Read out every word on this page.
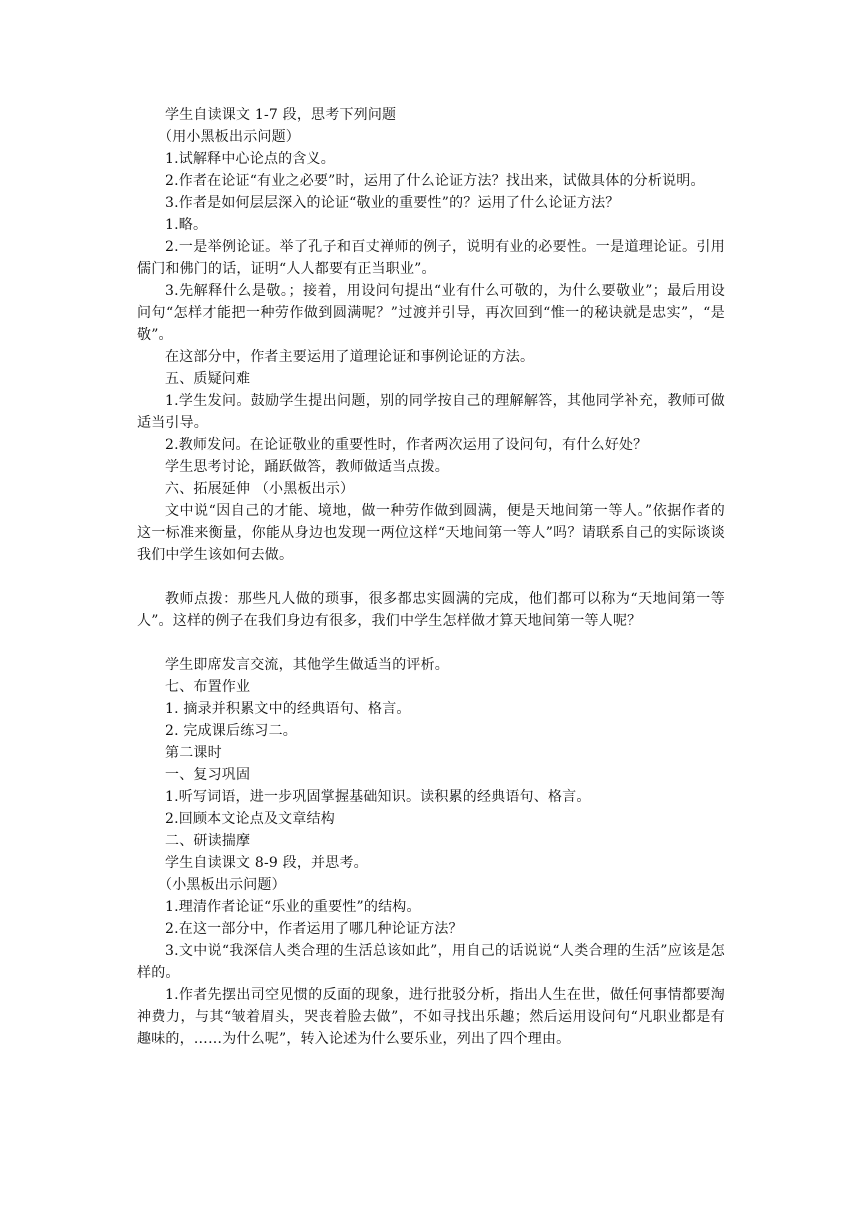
学生自读课文 1-7 段，思考下列问题

（用小黑板出示问题）

1.试解释中心论点的含义。

2.作者在论证“有业之必要”时，运用了什么论证方法？找出来，试做具体的分析说明。

3.作者是如何层层深入的论证“敬业的重要性”的？运用了什么论证方法？

1.略。

2.一是举例论证。举了孔子和百丈禅师的例子，说明有业的必要性。一是道理论证。引用儒门和佛门的话，证明“人人都要有正当职业”。

3.先解释什么是敬。；接着，用设问句提出“业有什么可敬的，为什么要敬业”；最后用设问句“怎样才能把一种劳作做到圆满呢？”过渡并引导，再次回到“惟一的秘诀就是忠实”，“是敬”。

在这部分中，作者主要运用了道理论证和事例论证的方法。

五、质疑问难

1.学生发问。鼓励学生提出问题，别的同学按自己的理解解答，其他同学补充，教师可做适当引导。

2.教师发问。在论证敬业的重要性时，作者两次运用了设问句，有什么好处？

学生思考讨论，踊跃做答，教师做适当点拨。

六、拓展延伸 （小黑板出示）

文中说“因自己的才能、境地，做一种劳作做到圆满，便是天地间第一等人。”依据作者的这一标准来衡量，你能从身边也发现一两位这样“天地间第一等人”吗？请联系自己的实际谈谈我们中学生该如何去做。

教师点拨：那些凡人做的琐事，很多都忠实圆满的完成，他们都可以称为“天地间第一等人”。这样的例子在我们身边有很多，我们中学生怎样做才算天地间第一等人呢？

学生即席发言交流，其他学生做适当的评析。

七、布置作业

1. 摘录并积累文中的经典语句、格言。

2. 完成课后练习二。

第二课时

一、复习巩固

1.听写词语，进一步巩固掌握基础知识。读积累的经典语句、格言。

2.回顾本文论点及文章结构

二、研读揣摩

学生自读课文 8-9 段，并思考。

（小黑板出示问题）

1.理清作者论证“乐业的重要性”的结构。

2.在这一部分中，作者运用了哪几种论证方法？

3.文中说“我深信人类合理的生活总该如此”，用自己的话说说“人类合理的生活”应该是怎样的。

1.作者先摆出司空见惯的反面的现象，进行批驳分析，指出人生在世，做任何事情都要淘神费力，与其“皱着眉头，哭丧着脸去做”，不如寻找出乐趣；然后运用设问句“凡职业都是有趣味的，……为什么呢”，转入论述为什么要乐业，列出了四个理由。
